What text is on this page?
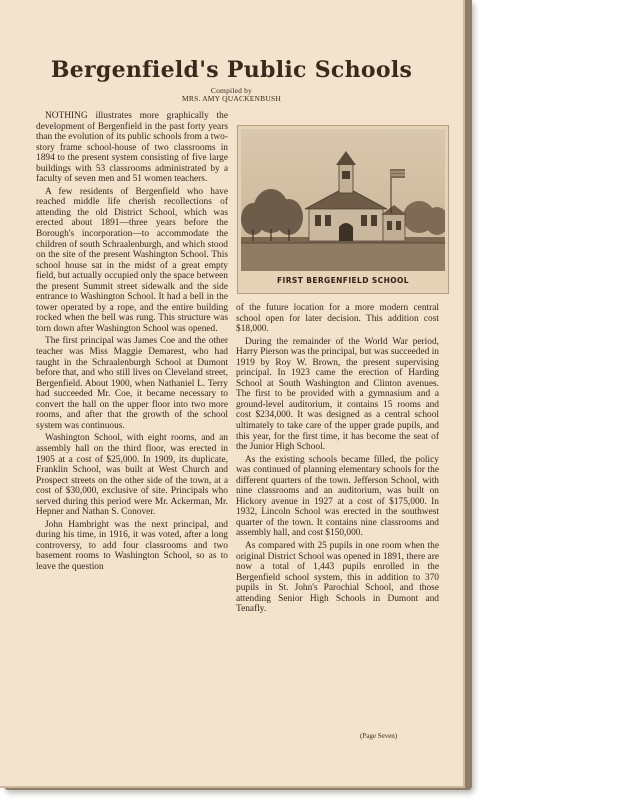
Bergenfield's Public Schools
Compiled by
MRS. AMY QUACKENBUSH

NOTHING illustrates more graphically the development of Bergenfield in the past forty years than the evolution of its public schools from a two-story frame school-house of two classrooms in 1894 to the present system consisting of five large buildings with 53 classrooms administrated by a faculty of seven men and 51 women teachers.

A few residents of Bergenfield who have reached middle life cherish recollections of attending the old District School, which was erected about 1891—three years before the Borough's incorporation—to accommodate the children of south Schraalenburgh, and which stood on the site of the present Washington School. This school house sat in the midst of a great empty field, but actually occupied only the space between the present Summit street sidewalk and the side entrance to Washington School. It had a bell in the tower operated by a rope, and the entire building rocked when the bell was rung. This structure was torn down after Washington School was opened.

The first principal was James Coe and the other teacher was Miss Maggie Demarest, who had taught in the Schraalenburgh School at Dumont before that, and who still lives on Cleveland street, Bergenfield. About 1900, when Nathaniel L. Terry had succeeded Mr. Coe, it became necessary to convert the hall on the upper floor into two more rooms, and after that the growth of the school system was continuous.

Washington School, with eight rooms, and an assembly hall on the third floor, was erected in 1905 at a cost of $25,000. In 1909, its duplicate, Franklin School, was built at West Church and Prospect streets on the other side of the town, at a cost of $30,000, exclusive of site. Principals who served during this period were Mr. Ackerman, Mr. Hepner and Nathan S. Conover.

John Hambright was the next principal, and during his time, in 1916, it was voted, after a long controversy, to add four classrooms and two basement rooms to Washington School, so as to leave the question

FIRST BERGENFIELD SCHOOL

of the future location for a more modern central school open for later decision. This addition cost $18,000.

During the remainder of the World War period, Harry Pierson was the principal, but was succeeded in 1919 by Roy W. Brown, the present supervising principal. In 1923 came the erection of Harding School at South Washington and Clinton avenues. The first to be provided with a gymnasium and a ground-level auditorium, it contains 15 rooms and cost $234,000. It was designed as a central school ultimately to take care of the upper grade pupils, and this year, for the first time, it has become the seat of the Junior High School.

As the existing schools became filled, the policy was continued of planning elementary schools for the different quarters of the town. Jefferson School, with nine classrooms and an auditorium, was built on Hickory avenue in 1927 at a cost of $175,000. In 1932, Lincoln School was erected in the southwest quarter of the town. It contains nine classrooms and assembly hall, and cost $150,000.

As compared with 25 pupils in one room when the original District School was opened in 1891, there are now a total of 1,443 pupils enrolled in the Bergenfield school system, this in addition to 370 pupils in St. John's Parochial School, and those attending Senior High Schools in Dumont and Tenafly.

(Page Seven)
